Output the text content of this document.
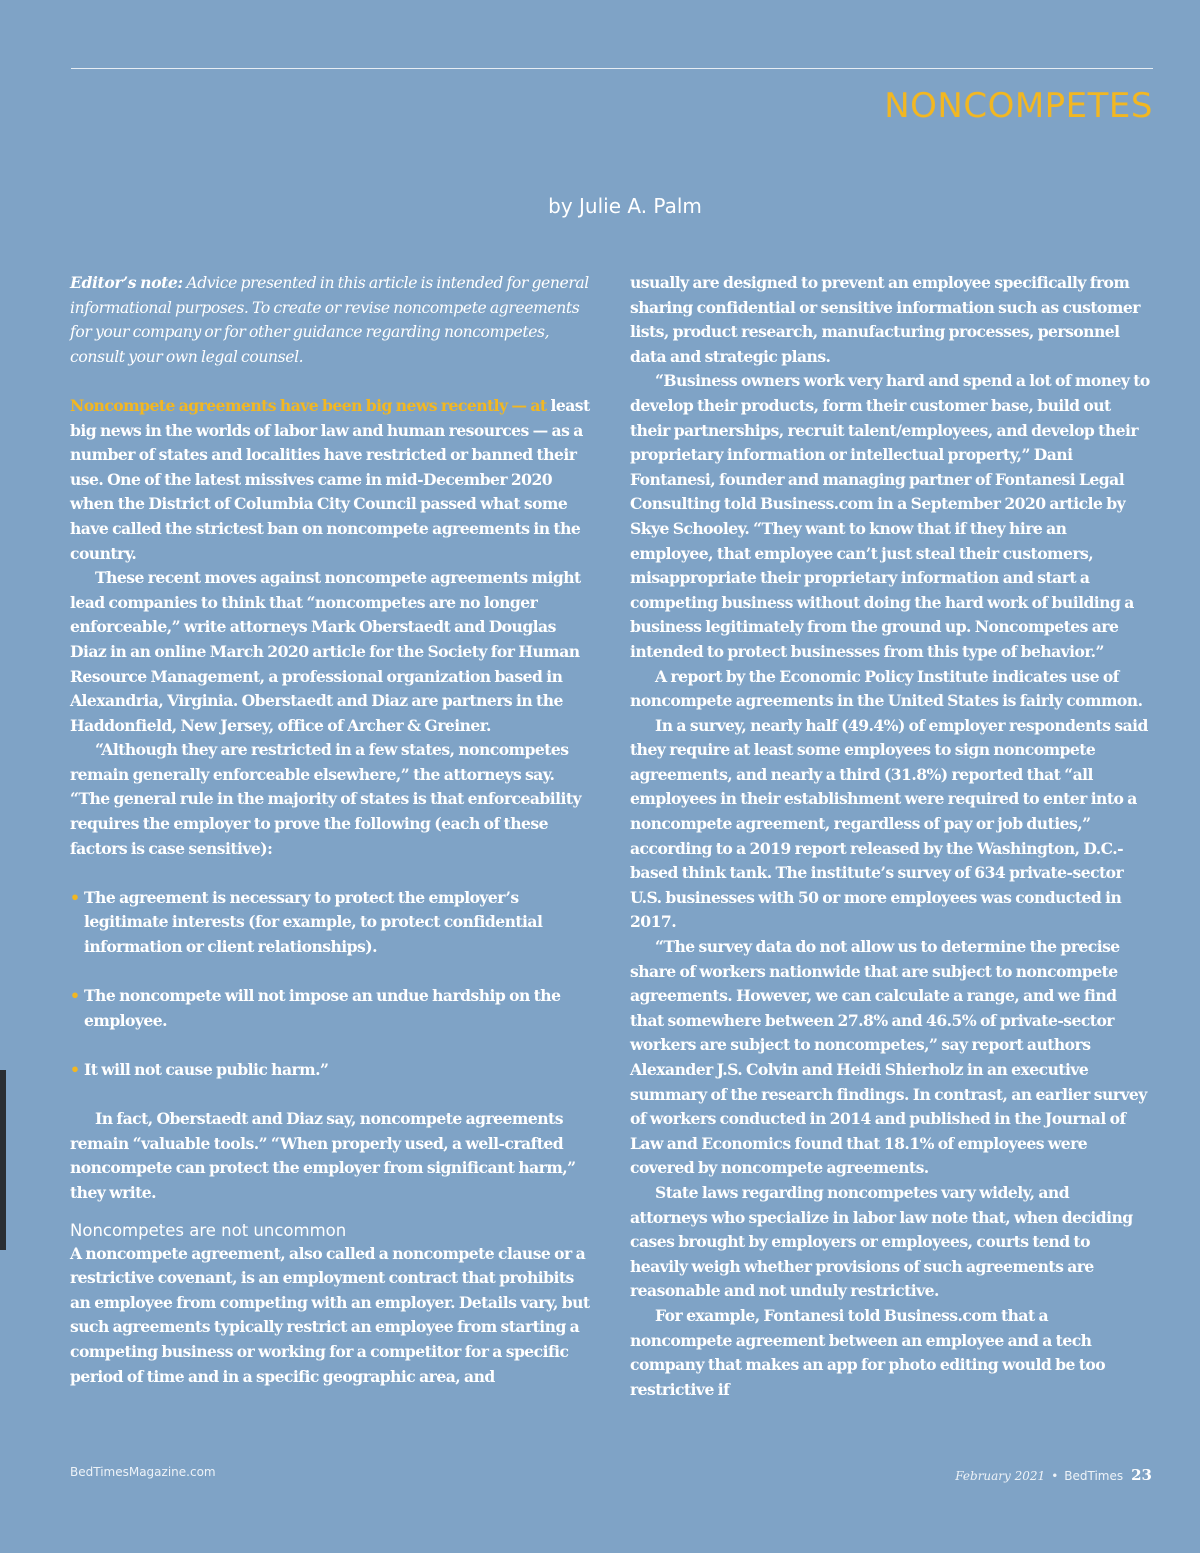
NONCOMPETES
by Julie A. Palm

Editor’s note: Advice presented in this article is intended for general informational purposes. To create or revise noncompete agreements for your company or for other guidance regarding noncompetes, consult your own legal counsel.

Noncompete agreements have been big news recently — at least big news in the worlds of labor law and human resources — as a number of states and localities have restricted or banned their use. One of the latest missives came in mid-December 2020 when the District of Columbia City Council passed what some have called the strictest ban on noncompete agreements in the country.

These recent moves against noncompete agreements might lead companies to think that “noncompetes are no longer enforceable,” write attorneys Mark Oberstaedt and Douglas Diaz in an online March 2020 article for the Society for Human Resource Management, a professional organization based in Alexandria, Virginia. Oberstaedt and Diaz are partners in the Haddonfield, New Jersey, office of Archer & Greiner.

“Although they are restricted in a few states, noncompetes remain generally enforceable elsewhere,” the attorneys say. “The general rule in the majority of states is that enforceability requires the employer to prove the following (each of these factors is case sensitive):

• The agreement is necessary to protect the employer’s legitimate interests (for example, to protect confidential information or client relationships).
• The noncompete will not impose an undue hardship on the employee.
• It will not cause public harm.”

In fact, Oberstaedt and Diaz say, noncompete agreements remain “valuable tools.” “When properly used, a well-crafted noncompete can protect the employer from significant harm,” they write.

Noncompetes are not uncommon

A noncompete agreement, also called a noncompete clause or a restrictive covenant, is an employment contract that prohibits an employee from competing with an employer. Details vary, but such agreements typically restrict an employee from starting a competing business or working for a competitor for a specific period of time and in a specific geographic area, and

usually are designed to prevent an employee specifically from sharing confidential or sensitive information such as customer lists, product research, manufacturing processes, personnel data and strategic plans.

“Business owners work very hard and spend a lot of money to develop their products, form their customer base, build out their partnerships, recruit talent/employees, and develop their proprietary information or intellectual property,” Dani Fontanesi, founder and managing partner of Fontanesi Legal Consulting told Business.com in a September 2020 article by Skye Schooley. “They want to know that if they hire an employee, that employee can’t just steal their customers, misappropriate their proprietary information and start a competing business without doing the hard work of building a business legitimately from the ground up. Noncompetes are intended to protect businesses from this type of behavior.”

A report by the Economic Policy Institute indicates use of noncompete agreements in the United States is fairly common.

In a survey, nearly half (49.4%) of employer respondents said they require at least some employees to sign noncompete agreements, and nearly a third (31.8%) reported that “all employees in their establishment were required to enter into a noncompete agreement, regardless of pay or job duties,” according to a 2019 report released by the Washington, D.C.-based think tank. The institute’s survey of 634 private-sector U.S. businesses with 50 or more employees was conducted in 2017.

“The survey data do not allow us to determine the precise share of workers nationwide that are subject to noncompete agreements. However, we can calculate a range, and we find that somewhere between 27.8% and 46.5% of private-sector workers are subject to noncompetes,” say report authors Alexander J.S. Colvin and Heidi Shierholz in an executive summary of the research findings. In contrast, an earlier survey of workers conducted in 2014 and published in the Journal of Law and Economics found that 18.1% of employees were covered by noncompete agreements.

State laws regarding noncompetes vary widely, and attorneys who specialize in labor law note that, when deciding cases brought by employers or employees, courts tend to heavily weigh whether provisions of such agreements are reasonable and not unduly restrictive.

For example, Fontanesi told Business.com that a noncompete agreement between an employee and a tech company that makes an app for photo editing would be too restrictive if

BedTimesMagazine.com	February 2021 • BedTimes 23
